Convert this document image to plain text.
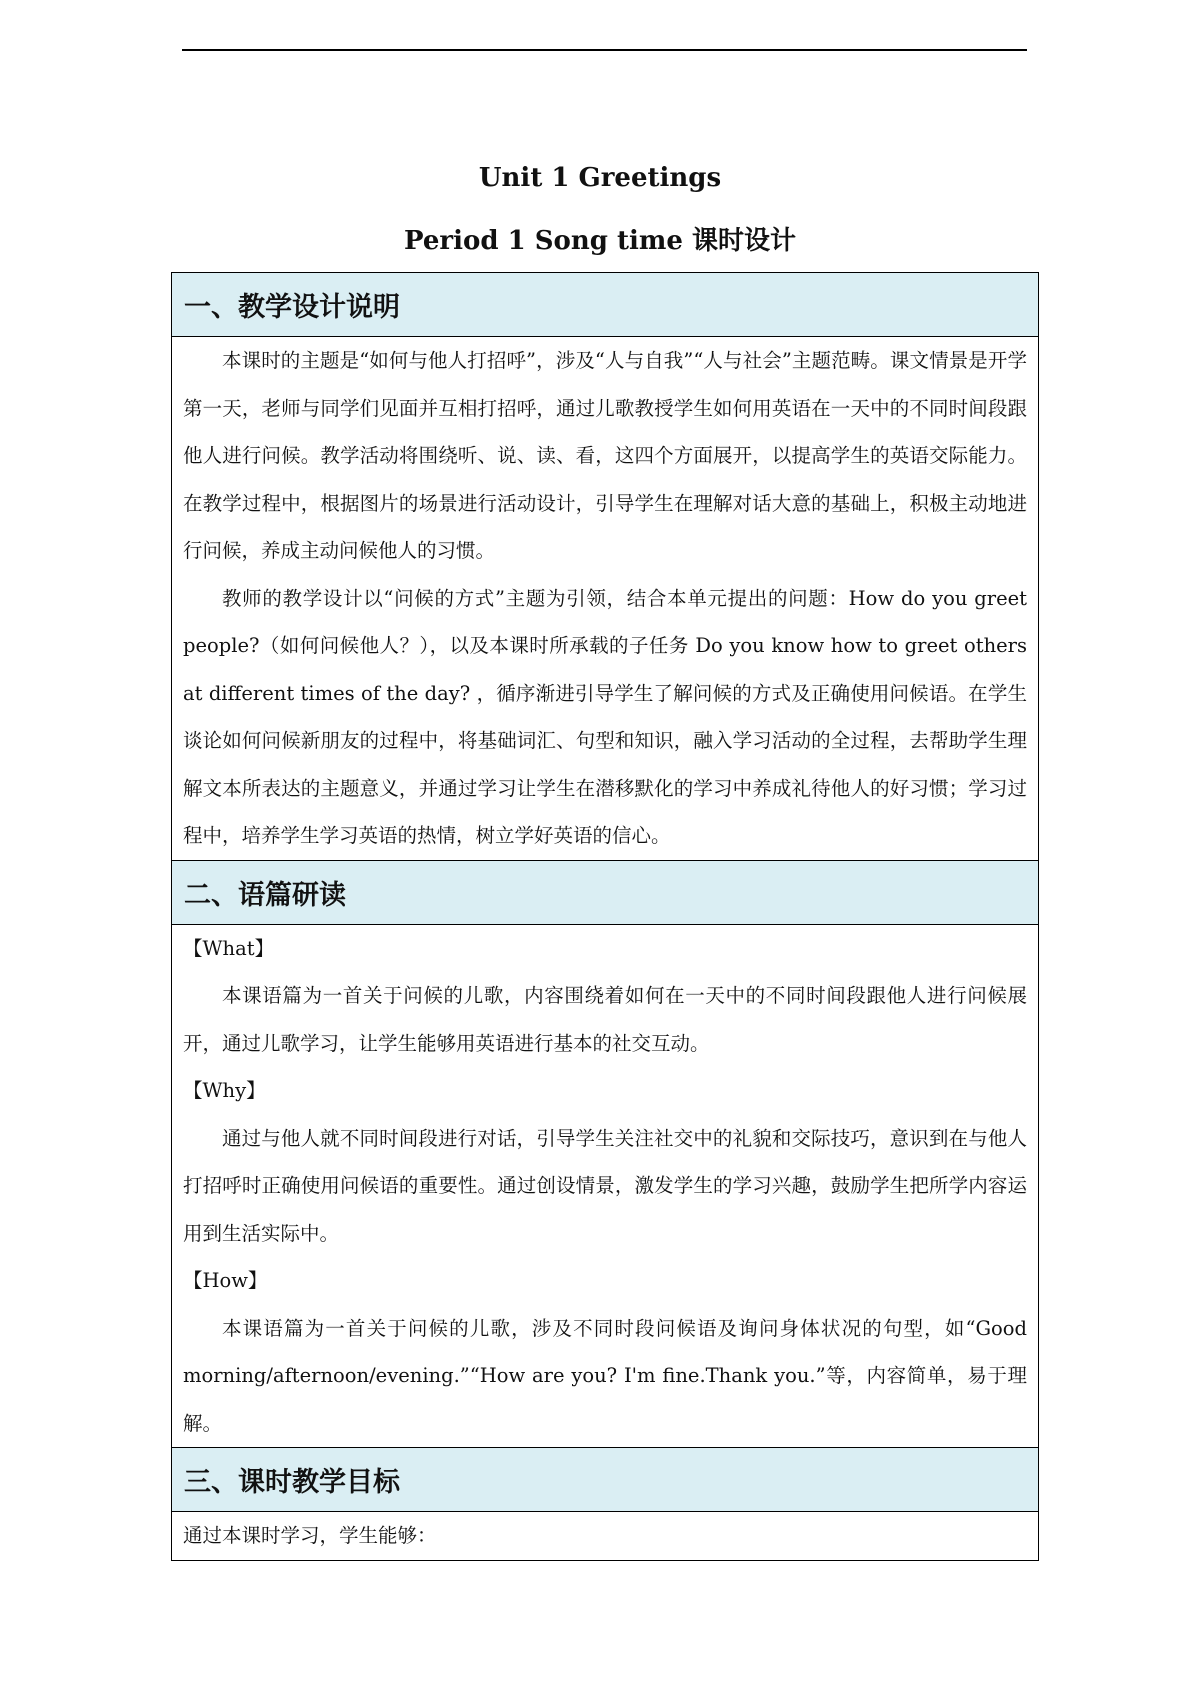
Unit 1 Greetings
Period 1 Song time 课时设计
一、教学设计说明

本课时的主题是“如何与他人打招呼”，涉及“人与自我”“人与社会”主题范畴。课文情景是开学第一天，老师与同学们见面并互相打招呼，通过儿歌教授学生如何用英语在一天中的不同时间段跟他人进行问候。教学活动将围绕听、说、读、看，这四个方面展开，以提高学生的英语交际能力。在教学过程中，根据图片的场景进行活动设计，引导学生在理解对话大意的基础上，积极主动地进行问候，养成主动问候他人的习惯。

教师的教学设计以“问候的方式”主题为引领，结合本单元提出的问题：How do you greet people?（如何问候他人？），以及本课时所承载的子任务 Do you know how to greet others at different times of the day? ，循序渐进引导学生了解问候的方式及正确使用问候语。在学生谈论如何问候新朋友的过程中，将基础词汇、句型和知识，融入学习活动的全过程，去帮助学生理解文本所表达的主题意义，并通过学习让学生在潜移默化的学习中养成礼待他人的好习惯；学习过程中，培养学生学习英语的热情，树立学好英语的信心。

二、语篇研读
【What】

本课语篇为一首关于问候的儿歌，内容围绕着如何在一天中的不同时间段跟他人进行问候展开，通过儿歌学习，让学生能够用英语进行基本的社交互动。

【Why】

通过与他人就不同时间段进行对话，引导学生关注社交中的礼貌和交际技巧，意识到在与他人打招呼时正确使用问候语的重要性。通过创设情景，激发学生的学习兴趣，鼓励学生把所学内容运用到生活实际中。

【How】

本课语篇为一首关于问候的儿歌，涉及不同时段问候语及询问身体状况的句型，如“Good morning/afternoon/evening.”“How are you? I'm fine.Thank you.”等，内容简单，易于理解。

三、课时教学目标

通过本课时学习，学生能够：
